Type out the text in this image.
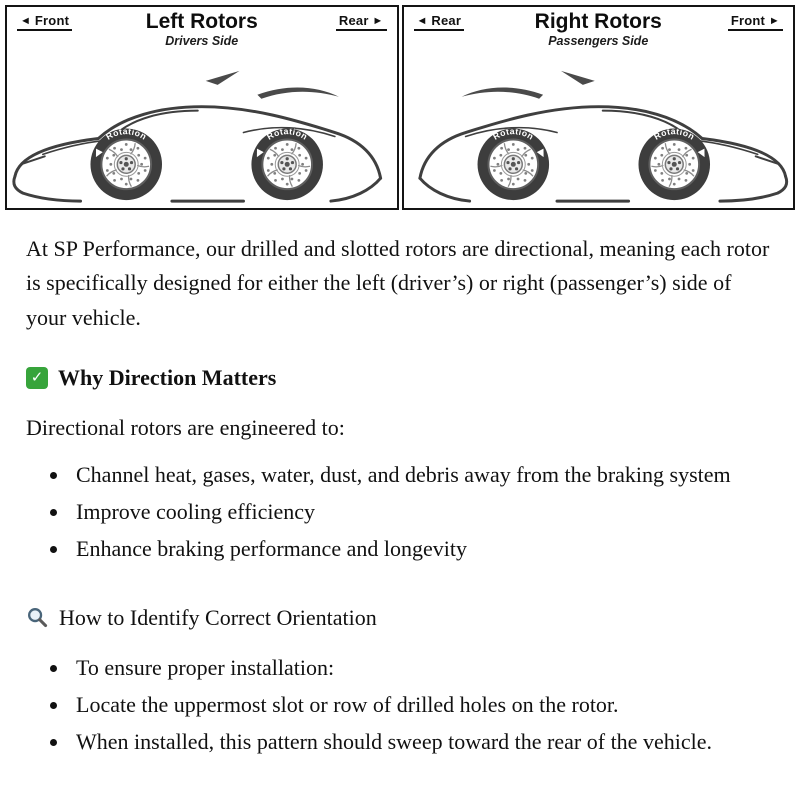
◄ Front	Left Rotors	Rear ►
Drivers Side
Rotation	Rotation
◄ Rear	Right Rotors	Front ►
Passengers Side
Rotation	Rotation

At SP Performance, our drilled and slotted rotors are directional, meaning each rotor is specifically designed for either the left (driver’s) or right (passenger’s) side of your vehicle.

✓ Why Direction Matters

Directional rotors are engineered to:

• Channel heat, gases, water, dust, and debris away from the braking system
• Improve cooling efficiency
• Enhance braking performance and longevity
How to Identify Correct Orientation
• To ensure proper installation:
• Locate the uppermost slot or row of drilled holes on the rotor.
• When installed, this pattern should sweep toward the rear of the vehicle.
